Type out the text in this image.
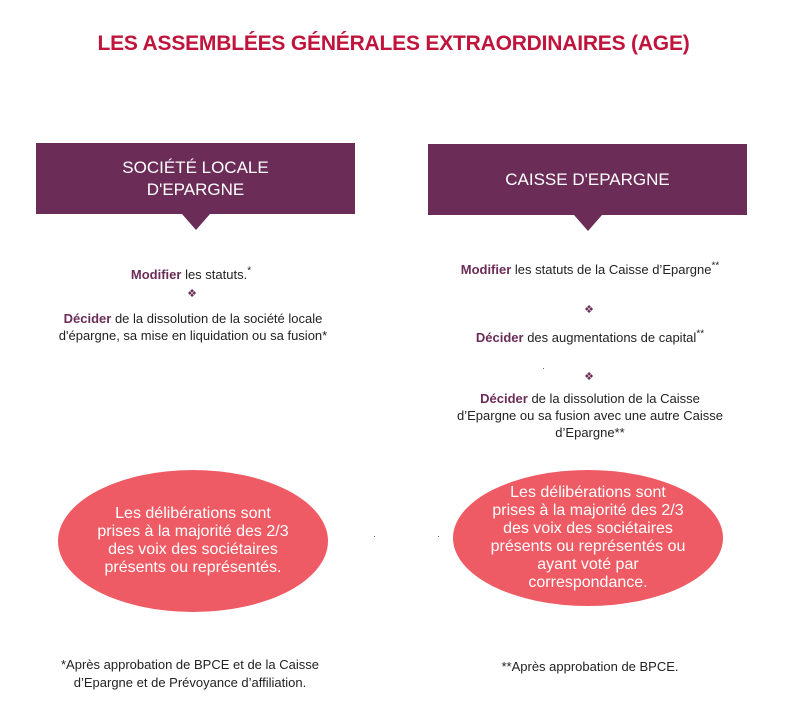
LES ASSEMBLÉES GÉNÉRALES EXTRAORDINAIRES (AGE)
SOCIÉTÉ LOCALE
D'EPARGNE
Modifier les statuts.*
❖
Décider de la dissolution de la société locale d'épargne, sa mise en liquidation ou sa fusion*
Les délibérations sont
prises à la majorité des 2/3
des voix des sociétaires
présents ou représentés.
*Après approbation de BPCE et de la Caisse
d’Epargne et de Prévoyance d’affiliation.
CAISSE D'EPARGNE
Modifier les statuts de la Caisse d’Epargne**
❖
Décider des augmentations de capital**
❖
Décider de la dissolution de la Caisse d’Epargne ou sa fusion avec une autre Caisse d’Epargne**
Les délibérations sont
prises à la majorité des 2/3
des voix des sociétaires
présents ou représentés ou
ayant voté par
correspondance.
**Après approbation de BPCE.
